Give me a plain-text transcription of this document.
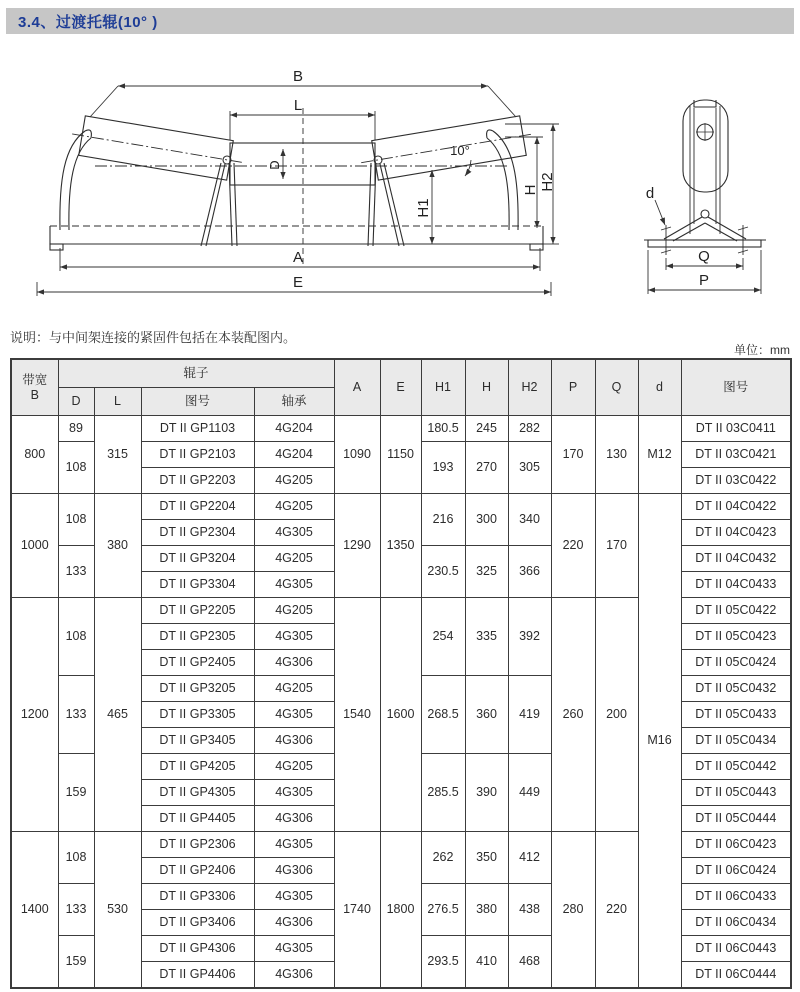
3.4、过渡托辊(10° )
B
L
D
10°
H1
H H2
A
E
d
Q
P
说明：与中间架连接的紧固件包括在本装配图内。
单位：mm
带宽
B	辊子				A	E	H1	H	H2	P	Q	d	图号
	D	L	图号	轴承									
800	89	315	DT II GP1103	4G204	1090	1150	180.5	245	282	170	130	M12	DT II 03C0411
	108		DT II GP2103	4G204			193	270	305				DT II 03C0421
			DT II GP2203	4G205									DT II 03C0422
1000	108	380	DT II GP2204	4G205	1290	1350	216	300	340	220	170	M16	DT II 04C0422
			DT II GP2304	4G305									DT II 04C0423
	133		DT II GP3204	4G205			230.5	325	366				DT II 04C0432
			DT II GP3304	4G305									DT II 04C0433
1200	108	465	DT II GP2205	4G205	1540	1600	254	335	392	260	200		DT II 05C0422
			DT II GP2305	4G305									DT II 05C0423
			DT II GP2405	4G306									DT II 05C0424
	133		DT II GP3205	4G205			268.5	360	419				DT II 05C0432
			DT II GP3305	4G305									DT II 05C0433
			DT II GP3405	4G306									DT II 05C0434
	159		DT II GP4205	4G205			285.5	390	449				DT II 05C0442
			DT II GP4305	4G305									DT II 05C0443
			DT II GP4405	4G306									DT II 05C0444
1400	108	530	DT II GP2306	4G305	1740	1800	262	350	412	280	220		DT II 06C0423
			DT II GP2406	4G306									DT II 06C0424
	133		DT II GP3306	4G305			276.5	380	438				DT II 06C0433
			DT II GP3406	4G306									DT II 06C0434
	159		DT II GP4306	4G305			293.5	410	468				DT II 06C0443
			DT II GP4406	4G306									DT II 06C0444
